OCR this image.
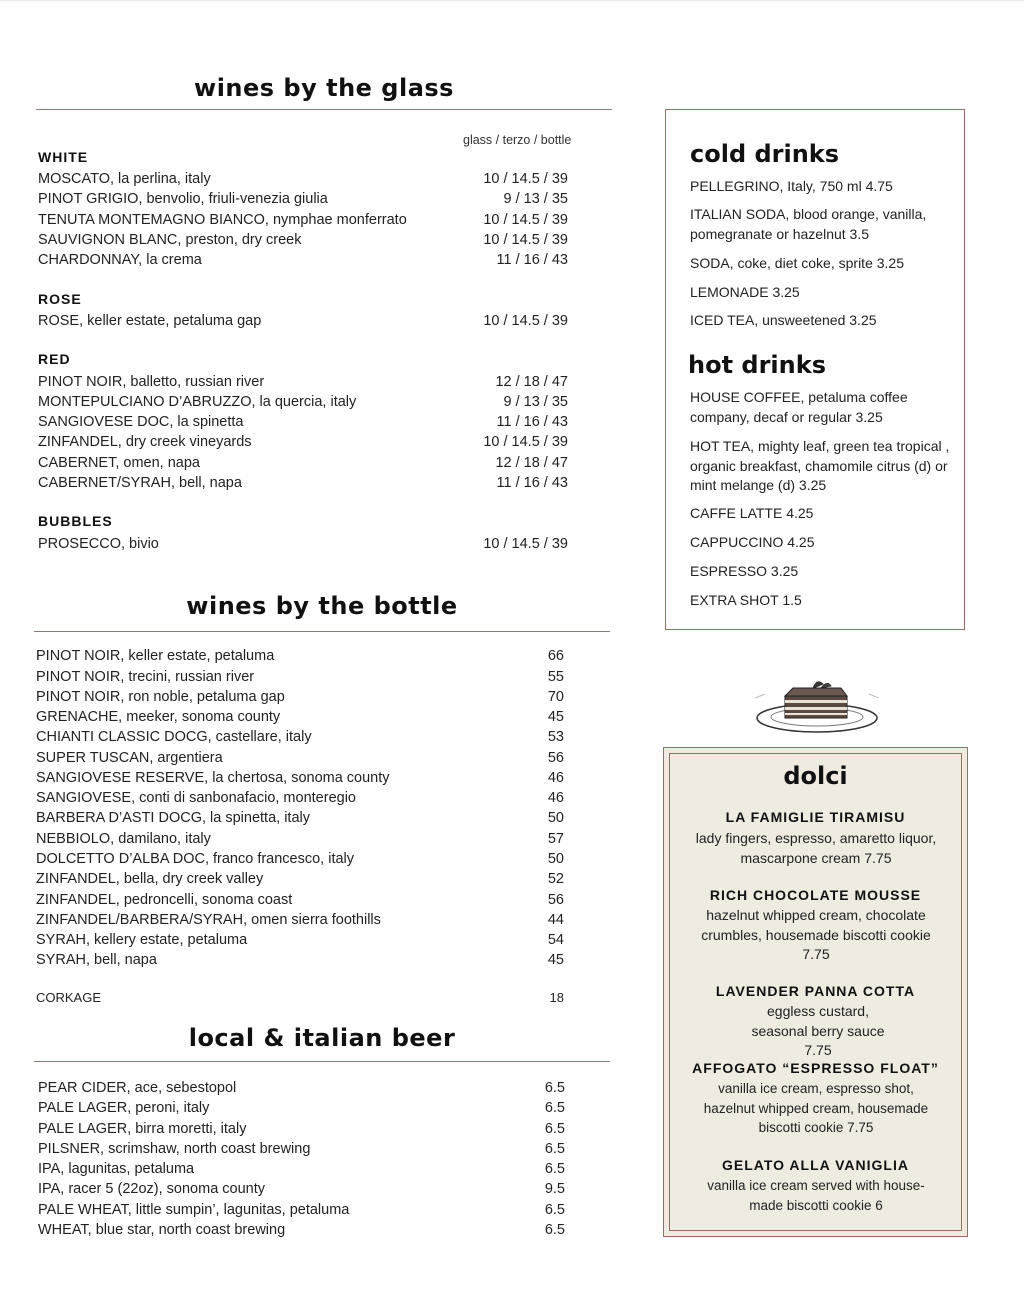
wines by the glass
glass / terzo / bottle
WHITE
MOSCATO, la perlina, italy	10 / 14.5 / 39
PINOT GRIGIO, benvolio, friuli-venezia giulia	9 / 13 / 35
TENUTA MONTEMAGNO BIANCO, nymphae monferrato	10 / 14.5 / 39
SAUVIGNON BLANC, preston, dry creek	10 / 14.5 / 39
CHARDONNAY, la crema	11 / 16 / 43
ROSE
ROSE, keller estate, petaluma gap	10 / 14.5 / 39
RED
PINOT NOIR, balletto, russian river	12 / 18 / 47
MONTEPULCIANO D’ABRUZZO, la quercia, italy	9 / 13 / 35
SANGIOVESE DOC, la spinetta	11 / 16 / 43
ZINFANDEL, dry creek vineyards	10 / 14.5 / 39
CABERNET, omen, napa	12 / 18 / 47
CABERNET/SYRAH, bell, napa	11 / 16 / 43
BUBBLES
PROSECCO, bivio	10 / 14.5 / 39
wines by the bottle
PINOT NOIR, keller estate, petaluma	66
PINOT NOIR, trecini, russian river	55
PINOT NOIR, ron noble, petaluma gap	70
GRENACHE, meeker, sonoma county	45
CHIANTI CLASSIC DOCG, castellare, italy	53
SUPER TUSCAN, argentiera	56
SANGIOVESE RESERVE, la chertosa, sonoma county	46
SANGIOVESE, conti di sanbonafacio, monteregio	46
BARBERA D’ASTI DOCG, la spinetta, italy	50
NEBBIOLO, damilano, italy	57
DOLCETTO D’ALBA DOC, franco francesco, italy	50
ZINFANDEL, bella, dry creek valley	52
ZINFANDEL, pedroncelli, sonoma coast	56
ZINFANDEL/BARBERA/SYRAH, omen sierra foothills	44
SYRAH, kellery estate, petaluma	54
SYRAH, bell, napa	45
CORKAGE	18
local & italian beer
PEAR CIDER, ace, sebestopol	6.5
PALE LAGER, peroni, italy	6.5
PALE LAGER, birra moretti, italy	6.5
PILSNER, scrimshaw, north coast brewing	6.5
IPA, lagunitas, petaluma	6.5
IPA, racer 5 (22oz), sonoma county	9.5
PALE WHEAT, little sumpin’, lagunitas, petaluma	6.5
WHEAT, blue star, north coast brewing	6.5
cold drinks
PELLEGRINO, Italy, 750 ml 4.75
ITALIAN SODA, blood orange, vanilla, pomegranate or hazelnut 3.5
SODA, coke, diet coke, sprite 3.25
LEMONADE 3.25
ICED TEA, unsweetened 3.25
hot drinks
HOUSE COFFEE, petaluma coffee company, decaf or regular 3.25
HOT TEA, mighty leaf, green tea tropical , organic breakfast, chamomile citrus (d) or mint melange (d) 3.25
CAFFE LATTE 4.25
CAPPUCCINO 4.25
ESPRESSO 3.25
EXTRA SHOT 1.5
dolci
LA FAMIGLIE TIRAMISU
lady fingers, espresso, amaretto liquor, mascarpone cream 7.75
RICH CHOCOLATE MOUSSE
hazelnut whipped cream, chocolate crumbles, housemade biscotti cookie 7.75
LAVENDER PANNA COTTA
eggless custard, seasonal berry sauce 7.75
AFFOGATO “ESPRESSO FLOAT”
vanilla ice cream, espresso shot, hazelnut whipped cream, housemade biscotti cookie 7.75
GELATO ALLA VANIGLIA
vanilla ice cream served with house-made biscotti cookie 6
